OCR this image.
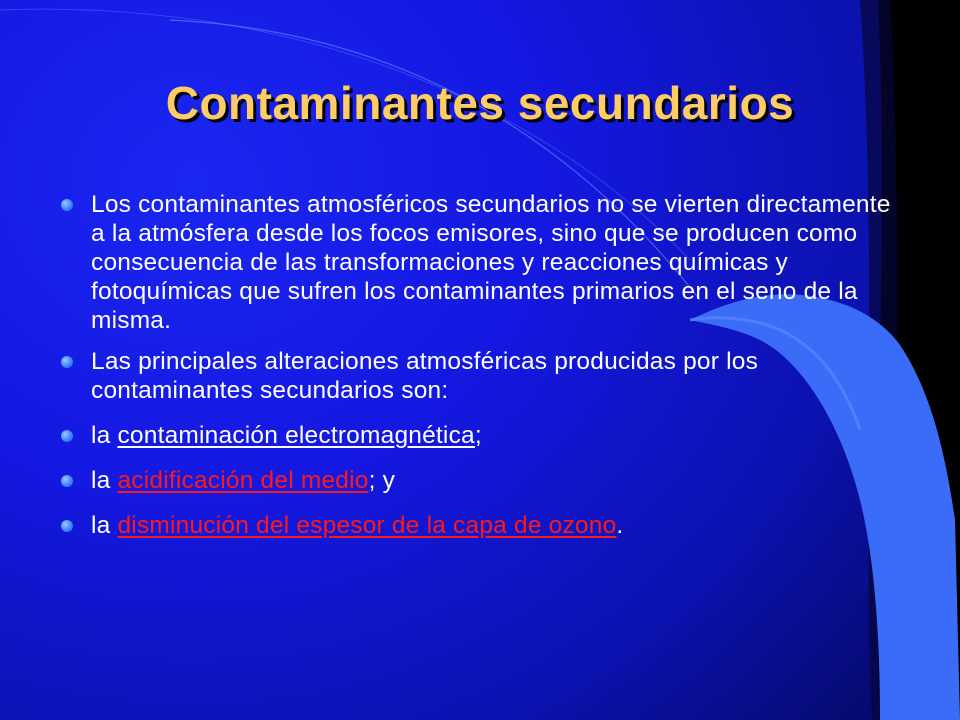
Contaminantes secundarios
Los contaminantes atmosféricos secundarios no se vierten directamente a la atmósfera desde los focos emisores, sino que se producen como consecuencia de las transformaciones y reacciones químicas y fotoquímicas que sufren los contaminantes primarios en el seno de la misma.
Las principales alteraciones atmosféricas producidas por los contaminantes secundarios son:
la contaminación electromagnética;
la acidificación del medio; y
la disminución del espesor de la capa de ozono.
